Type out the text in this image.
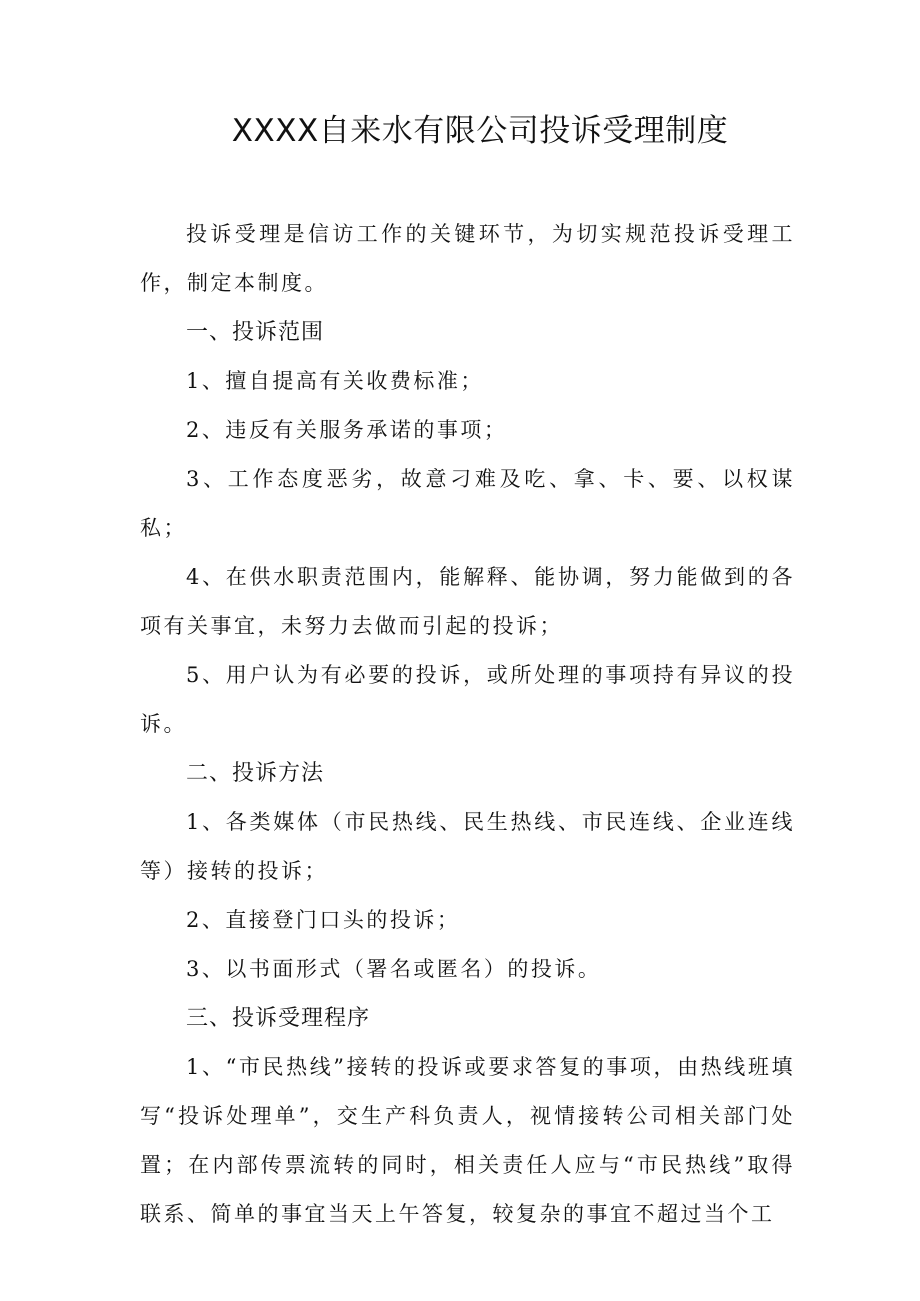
XXXX自来水有限公司投诉受理制度

投诉受理是信访工作的关键环节，为切实规范投诉受理工作，制定本制度。

一、投诉范围

1、擅自提高有关收费标准；

2、违反有关服务承诺的事项；

3、工作态度恶劣，故意刁难及吃、拿、卡、要、以权谋私；

4、在供水职责范围内，能解释、能协调，努力能做到的各项有关事宜，未努力去做而引起的投诉；

5、用户认为有必要的投诉，或所处理的事项持有异议的投诉。

二、投诉方法

1、各类媒体（市民热线、民生热线、市民连线、企业连线等）接转的投诉；

2、直接登门口头的投诉；

3、以书面形式（署名或匿名）的投诉。

三、投诉受理程序

1、“市民热线”接转的投诉或要求答复的事项，由热线班填写“投诉处理单”，交生产科负责人，视情接转公司相关部门处置；在内部传票流转的同时，相关责任人应与“市民热线”取得联系、简单的事宜当天上午答复，较复杂的事宜不超过当个工
